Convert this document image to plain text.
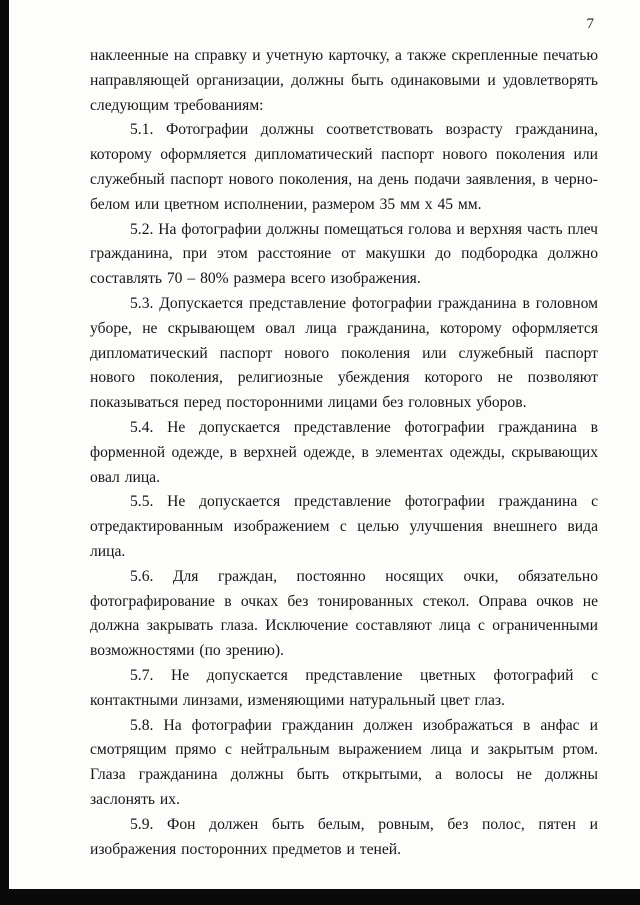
7

наклеенные на справку и учетную карточку, а также скрепленные печатью направляющей организации, должны быть одинаковыми и удовлетворять следующим требованиям:

5.1. Фотографии должны соответствовать возрасту гражданина, которому оформляется дипломатический паспорт нового поколения или служебный паспорт нового поколения, на день подачи заявления, в черно-белом или цветном исполнении, размером 35 мм х 45 мм.

5.2. На фотографии должны помещаться голова и верхняя часть плеч гражданина, при этом расстояние от макушки до подбородка должно составлять 70 – 80% размера всего изображения.

5.3. Допускается представление фотографии гражданина в головном уборе, не скрывающем овал лица гражданина, которому оформляется дипломатический паспорт нового поколения или служебный паспорт нового поколения, религиозные убеждения которого не позволяют показываться перед посторонними лицами без головных уборов.

5.4. Не допускается представление фотографии гражданина в форменной одежде, в верхней одежде, в элементах одежды, скрывающих овал лица.

5.5. Не допускается представление фотографии гражданина с отредактированным изображением с целью улучшения внешнего вида лица.

5.6. Для граждан, постоянно носящих очки, обязательно фотографирование в очках без тонированных стекол. Оправа очков не должна закрывать глаза. Исключение составляют лица с ограниченными возможностями (по зрению).

5.7. Не допускается представление цветных фотографий с контактными линзами, изменяющими натуральный цвет глаз.

5.8. На фотографии гражданин должен изображаться в анфас и смотрящим прямо с нейтральным выражением лица и закрытым ртом. Глаза гражданина должны быть открытыми, а волосы не должны заслонять их.

5.9. Фон должен быть белым, ровным, без полос, пятен и изображения посторонних предметов и теней.
